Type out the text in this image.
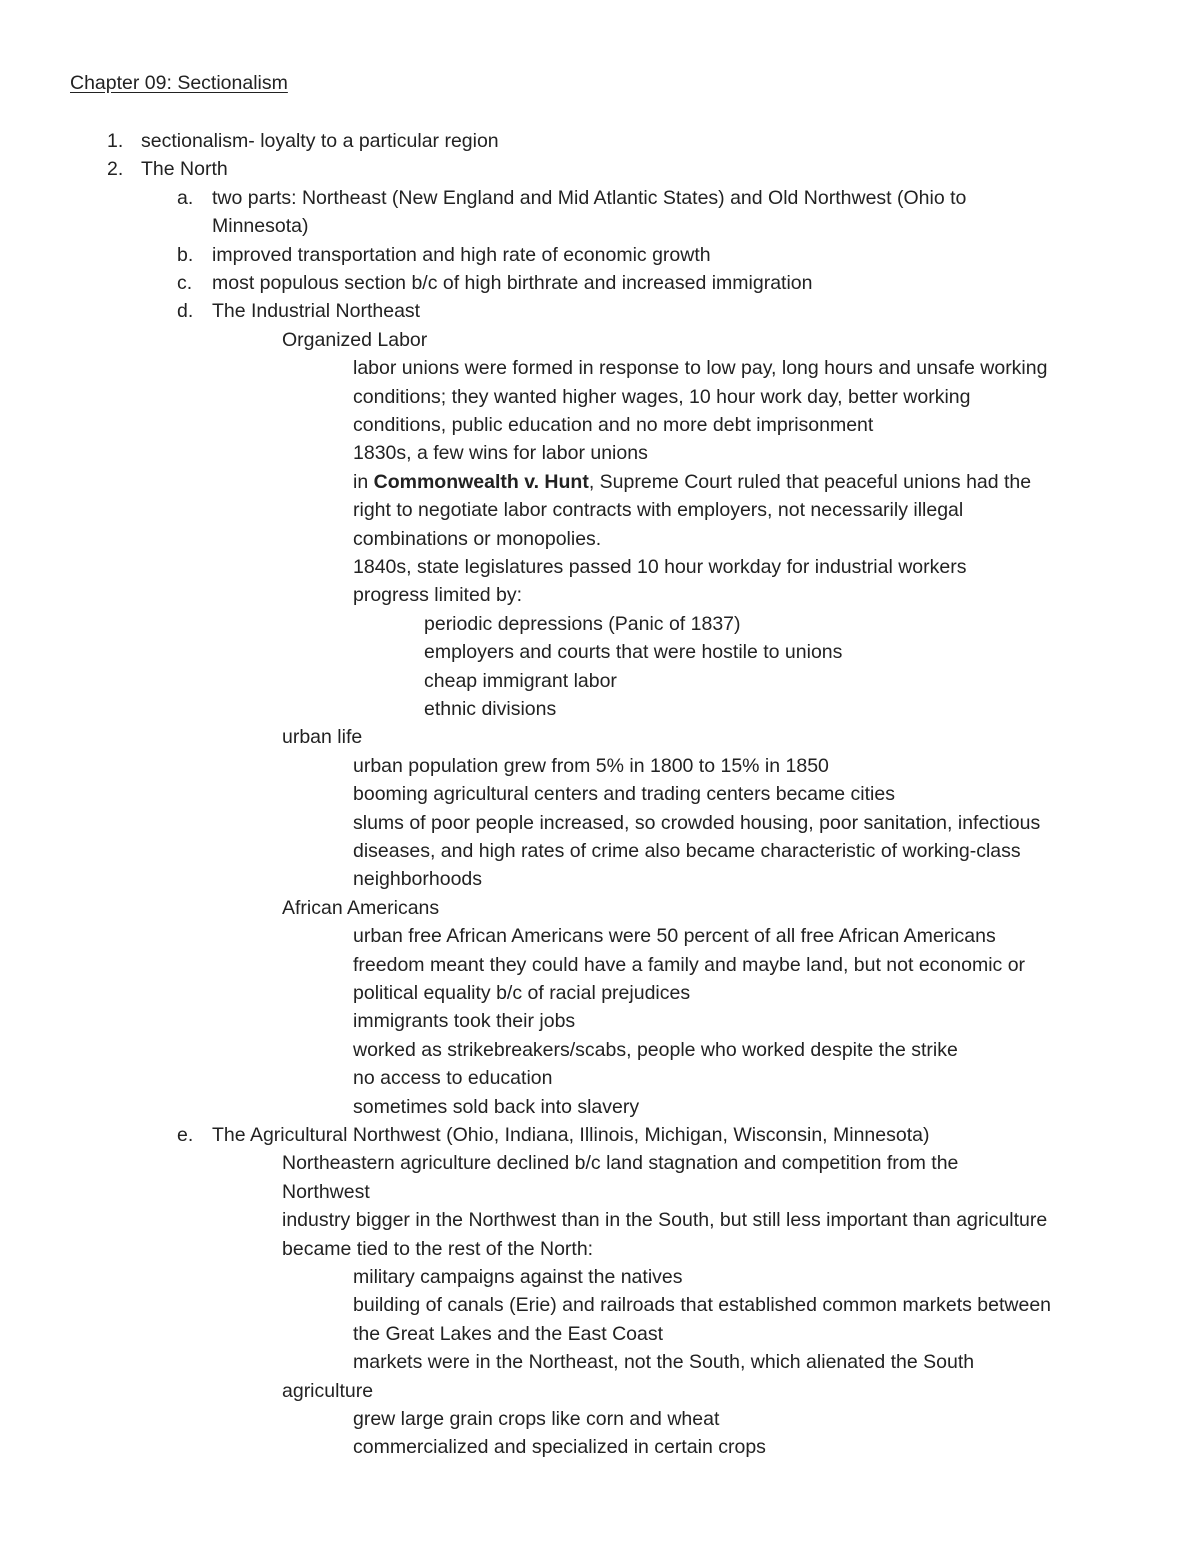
Chapter 09: Sectionalism
1. sectionalism- loyalty to a particular region
2. The North
a. two parts: Northeast (New England and Mid Atlantic States) and Old Northwest (Ohio to
Minnesota)
b. improved transportation and high rate of economic growth
c. most populous section b/c of high birthrate and increased immigration
d. The Industrial Northeast
Organized Labor
labor unions were formed in response to low pay, long hours and unsafe working
conditions; they wanted higher wages, 10 hour work day, better working
conditions, public education and no more debt imprisonment
1830s, a few wins for labor unions
in Commonwealth v. Hunt, Supreme Court ruled that peaceful unions had the
right to negotiate labor contracts with employers, not necessarily illegal
combinations or monopolies.
1840s, state legislatures passed 10 hour workday for industrial workers
progress limited by:
periodic depressions (Panic of 1837)
employers and courts that were hostile to unions
cheap immigrant labor
ethnic divisions
urban life
urban population grew from 5% in 1800 to 15% in 1850
booming agricultural centers and trading centers became cities
slums of poor people increased, so crowded housing, poor sanitation, infectious
diseases, and high rates of crime also became characteristic of working-class
neighborhoods
African Americans
urban free African Americans were 50 percent of all free African Americans
freedom meant they could have a family and maybe land, but not economic or
political equality b/c of racial prejudices
immigrants took their jobs
worked as strikebreakers/scabs, people who worked despite the strike
no access to education
sometimes sold back into slavery
e. The Agricultural Northwest (Ohio, Indiana, Illinois, Michigan, Wisconsin, Minnesota)
Northeastern agriculture declined b/c land stagnation and competition from the
Northwest
industry bigger in the Northwest than in the South, but still less important than agriculture
became tied to the rest of the North:
military campaigns against the natives
building of canals (Erie) and railroads that established common markets between
the Great Lakes and the East Coast
markets were in the Northeast, not the South, which alienated the South
agriculture
grew large grain crops like corn and wheat
commercialized and specialized in certain crops
